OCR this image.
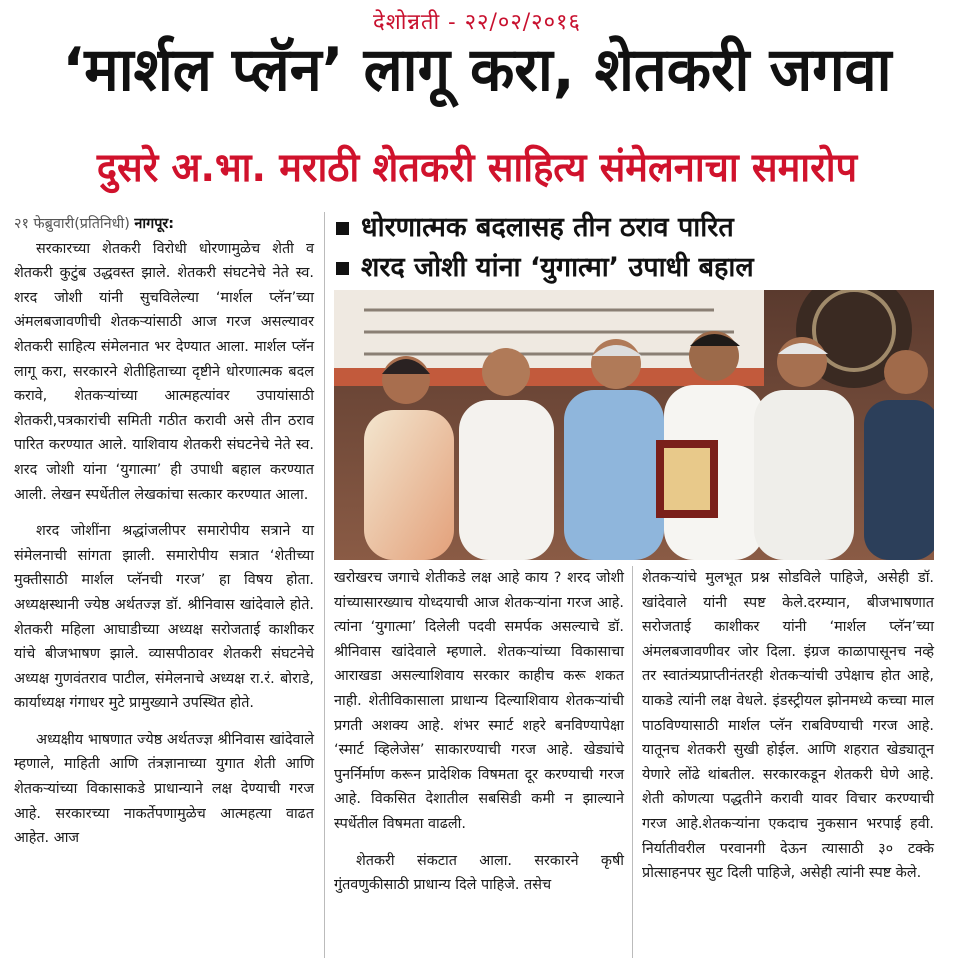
देशोन्नती - २२/०२/२०१६
‘मार्शल प्लॅन’ लागू करा, शेतकरी जगवा
दुसरे अ.भा. मराठी शेतकरी साहित्य संमेलनाचा समारोप

२१ फेब्रुवारी(प्रतिनिधी) नागपूर:

सरकारच्या शेतकरी विरोधी धोरणामुळेच शेती व शेतकरी कुटुंब उद्धवस्त झाले. शेतकरी संघटनेचे नेते स्व. शरद जोशी यांनी सुचविलेल्या ‘मार्शल प्लॅन’च्या अंमलबजावणीची शेतकऱ्यांसाठी आज गरज असल्यावर शेतकरी साहित्य संमेलनात भर देण्यात आला. मार्शल प्लॅन लागू करा, सरकारने शेतीहिताच्या दृष्टीने धोरणात्मक बदल करावे, शेतकऱ्यांच्या आत्महत्यांवर उपायांसाठी शेतकरी,पत्रकारांची समिती गठीत करावी असे तीन ठराव पारित करण्यात आले. याशिवाय शेतकरी संघटनेचे नेते स्व. शरद जोशी यांना ‘युगात्मा’ ही उपाधी बहाल करण्यात आली. लेखन स्पर्धेतील लेखकांचा सत्कार करण्यात आला.

शरद जोशींना श्रद्धांजलीपर समारोपीय सत्राने या संमेलनाची सांगता झाली. समारोपीय सत्रात ‘शेतीच्या मुक्तीसाठी मार्शल प्लॅनची गरज’ हा विषय होता. अध्यक्षस्थानी ज्येष्ठ अर्थतज्ज्ञ डॉ. श्रीनिवास खांदेवाले होते. शेतकरी महिला आघाडीच्या अध्यक्ष सरोजताई काशीकर यांचे बीजभाषण झाले. व्यासपीठावर शेतकरी संघटनेचे अध्यक्ष गुणवंतराव पाटील, संमेलनाचे अध्यक्ष रा.रं. बोराडे, कार्याध्यक्ष गंगाधर मुटे प्रामुख्याने उपस्थित होते.

अध्यक्षीय भाषणात ज्येष्ठ अर्थतज्ज्ञ श्रीनिवास खांदेवाले म्हणाले, माहिती आणि तंत्रज्ञानाच्या युगात शेती आणि शेतकऱ्यांच्या विकासाकडे प्राधान्याने लक्ष देण्याची गरज आहे. सरकारच्या नाकर्तेपणामुळेच आत्महत्या वाढत आहेत. आज

धोरणात्मक बदलासह तीन ठराव पारित
शरद जोशी यांना ‘युगात्मा’ उपाधी बहाल

खरोखरच जगाचे शेतीकडे लक्ष आहे काय ? शरद जोशी यांच्यासारख्याच योध्दयाची आज शेतकऱ्यांना गरज आहे. त्यांना ‘युगात्मा’ दिलेली पदवी समर्पक असल्याचे डॉ. श्रीनिवास खांदेवाले म्हणाले. शेतकऱ्यांच्या विकासाचा आराखडा असल्याशिवाय सरकार काहीच करू शकत नाही. शेतीविकासाला प्राधान्य दिल्याशिवाय शेतकऱ्यांची प्रगती अशक्य आहे. शंभर स्मार्ट शहरे बनविण्यापेक्षा ‘स्मार्ट व्हिलेजेस’ साकारण्याची गरज आहे. खेड्यांचे पुनर्निर्माण करून प्रादेशिक विषमता दूर करण्याची गरज आहे. विकसित देशातील सबसिडी कमी न झाल्याने स्पर्धेतील विषमता वाढली.

शेतकरी संकटात आला. सरकारने कृषी गुंतवणुकीसाठी प्राधान्य दिले पाहिजे. तसेच

शेतकऱ्यांचे मुलभूत प्रश्न सोडविले पाहिजे, असेही डॉ. खांदेवाले यांनी स्पष्ट केले.दरम्यान, बीजभाषणात सरोजताई काशीकर यांनी ‘मार्शल प्लॅन’च्या अंमलबजावणीवर जोर दिला. इंग्रज काळापासूनच नव्हे तर स्वातंत्र्यप्राप्तीनंतरही शेतकऱ्यांची उपेक्षाच होत आहे, याकडे त्यांनी लक्ष वेधले. इंडस्ट्रीयल झोनमध्ये कच्चा माल पाठविण्यासाठी मार्शल प्लॅन राबविण्याची गरज आहे. यातूनच शेतकरी सुखी होईल. आणि शहरात खेड्यातून येणारे लोंढे थांबतील. सरकारकडून शेतकरी घेणे आहे. शेती कोणत्या पद्धतीने करावी यावर विचार करण्याची गरज आहे.शेतकऱ्यांना एकदाच नुकसान भरपाई हवी. निर्यातीवरील परवानगी देऊन त्यासाठी ३० टक्के प्रोत्साहनपर सुट दिली पाहिजे, असेही त्यांनी स्पष्ट केले.
